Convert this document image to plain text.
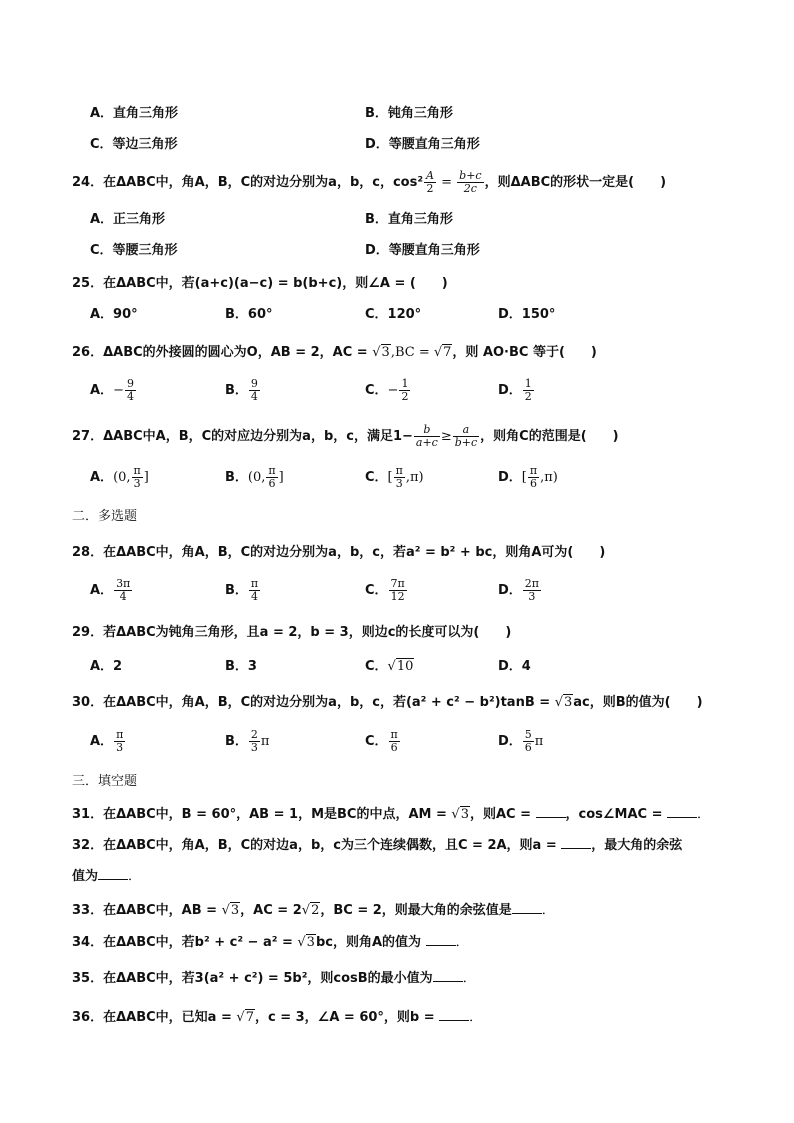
A．直角三角形	B．钝角三角形
C．等边三角形	D．等腰直角三角形
24．在ΔABC中，角A，B，C的对边分别为a，b，c，$\cos^2 \frac{A}{2} = \frac{b+c}{2c}$ ，则ΔABC的形状一定是(　　)
A．正三角形	B．直角三角形
C．等腰三角形	D．等腰直角三角形
25．在ΔABC中，若(a+c)(a−c) = b(b+c)，则∠A = (　　)
A．90°	B．60°	C．120°	D．150°
26．ΔABC的外接圆的圆心为O，AB = 2，AC = √3,BC = √7，则 AO·BC 等于(　　)
A．− $\frac{9}{4}$	B． $\frac{9}{4}$	C．− $\frac{1}{2}$	D． $\frac{1}{2}$
27．ΔABC中A，B，C的对应边分别为a，b，c，满足$1- \frac{b}{a+c} \ge \frac{a}{b+c}$ ，则角C的范围是(　　)
A．(0, $\frac{\pi}{3}$ ]	B．(0, $\frac{\pi}{6}$ ]	C．[ $\frac{\pi}{3} ,\pi$)	D．[ $\frac{\pi}{6} ,\pi$)
二．多选题
28．在ΔABC中，角A，B，C的对边分别为a，b，c，若a² = b² + bc，则角A可为(　　)
A． $\frac{3\pi}{4}$	B． $\frac{\pi}{4}$	C． $\frac{7\pi}{12}$	D． $\frac{2\pi}{3}$
29．若ΔABC为钝角三角形，且a = 2，b = 3，则边c的长度可以为(　　)
A．2	B．3	C．√10	D．4
30．在ΔABC中，角A，B，C的对边分别为a，b，c，若(a² + c² − b²)tanB = √3ac，则B的值为(　　)
A． $\frac{\pi}{3}$	B． $\frac{2}{3}$ π	C． $\frac{\pi}{6}$	D． $\frac{5}{6}$ π
三．填空题
31．在ΔABC中，B = 60°，AB = 1，M是BC的中点，AM = √3，则AC = ，cos∠MAC = ．
32．在ΔABC中，角A，B，C的对边a，b，c为三个连续偶数，且C = 2A，则a = ，最大角的余弦
值为 ．
33．在ΔABC中，AB = √3，AC = 2√2，BC = 2，则最大角的余弦值是 ．
34．在ΔABC中，若b² + c² − a² = √3bc，则角A的值为 ．
35．在ΔABC中，若3(a² + c²) = 5b²，则cosB的最小值为 ．
36．在ΔABC中，已知a = √7，c = 3，∠A = 60°，则b = ．
